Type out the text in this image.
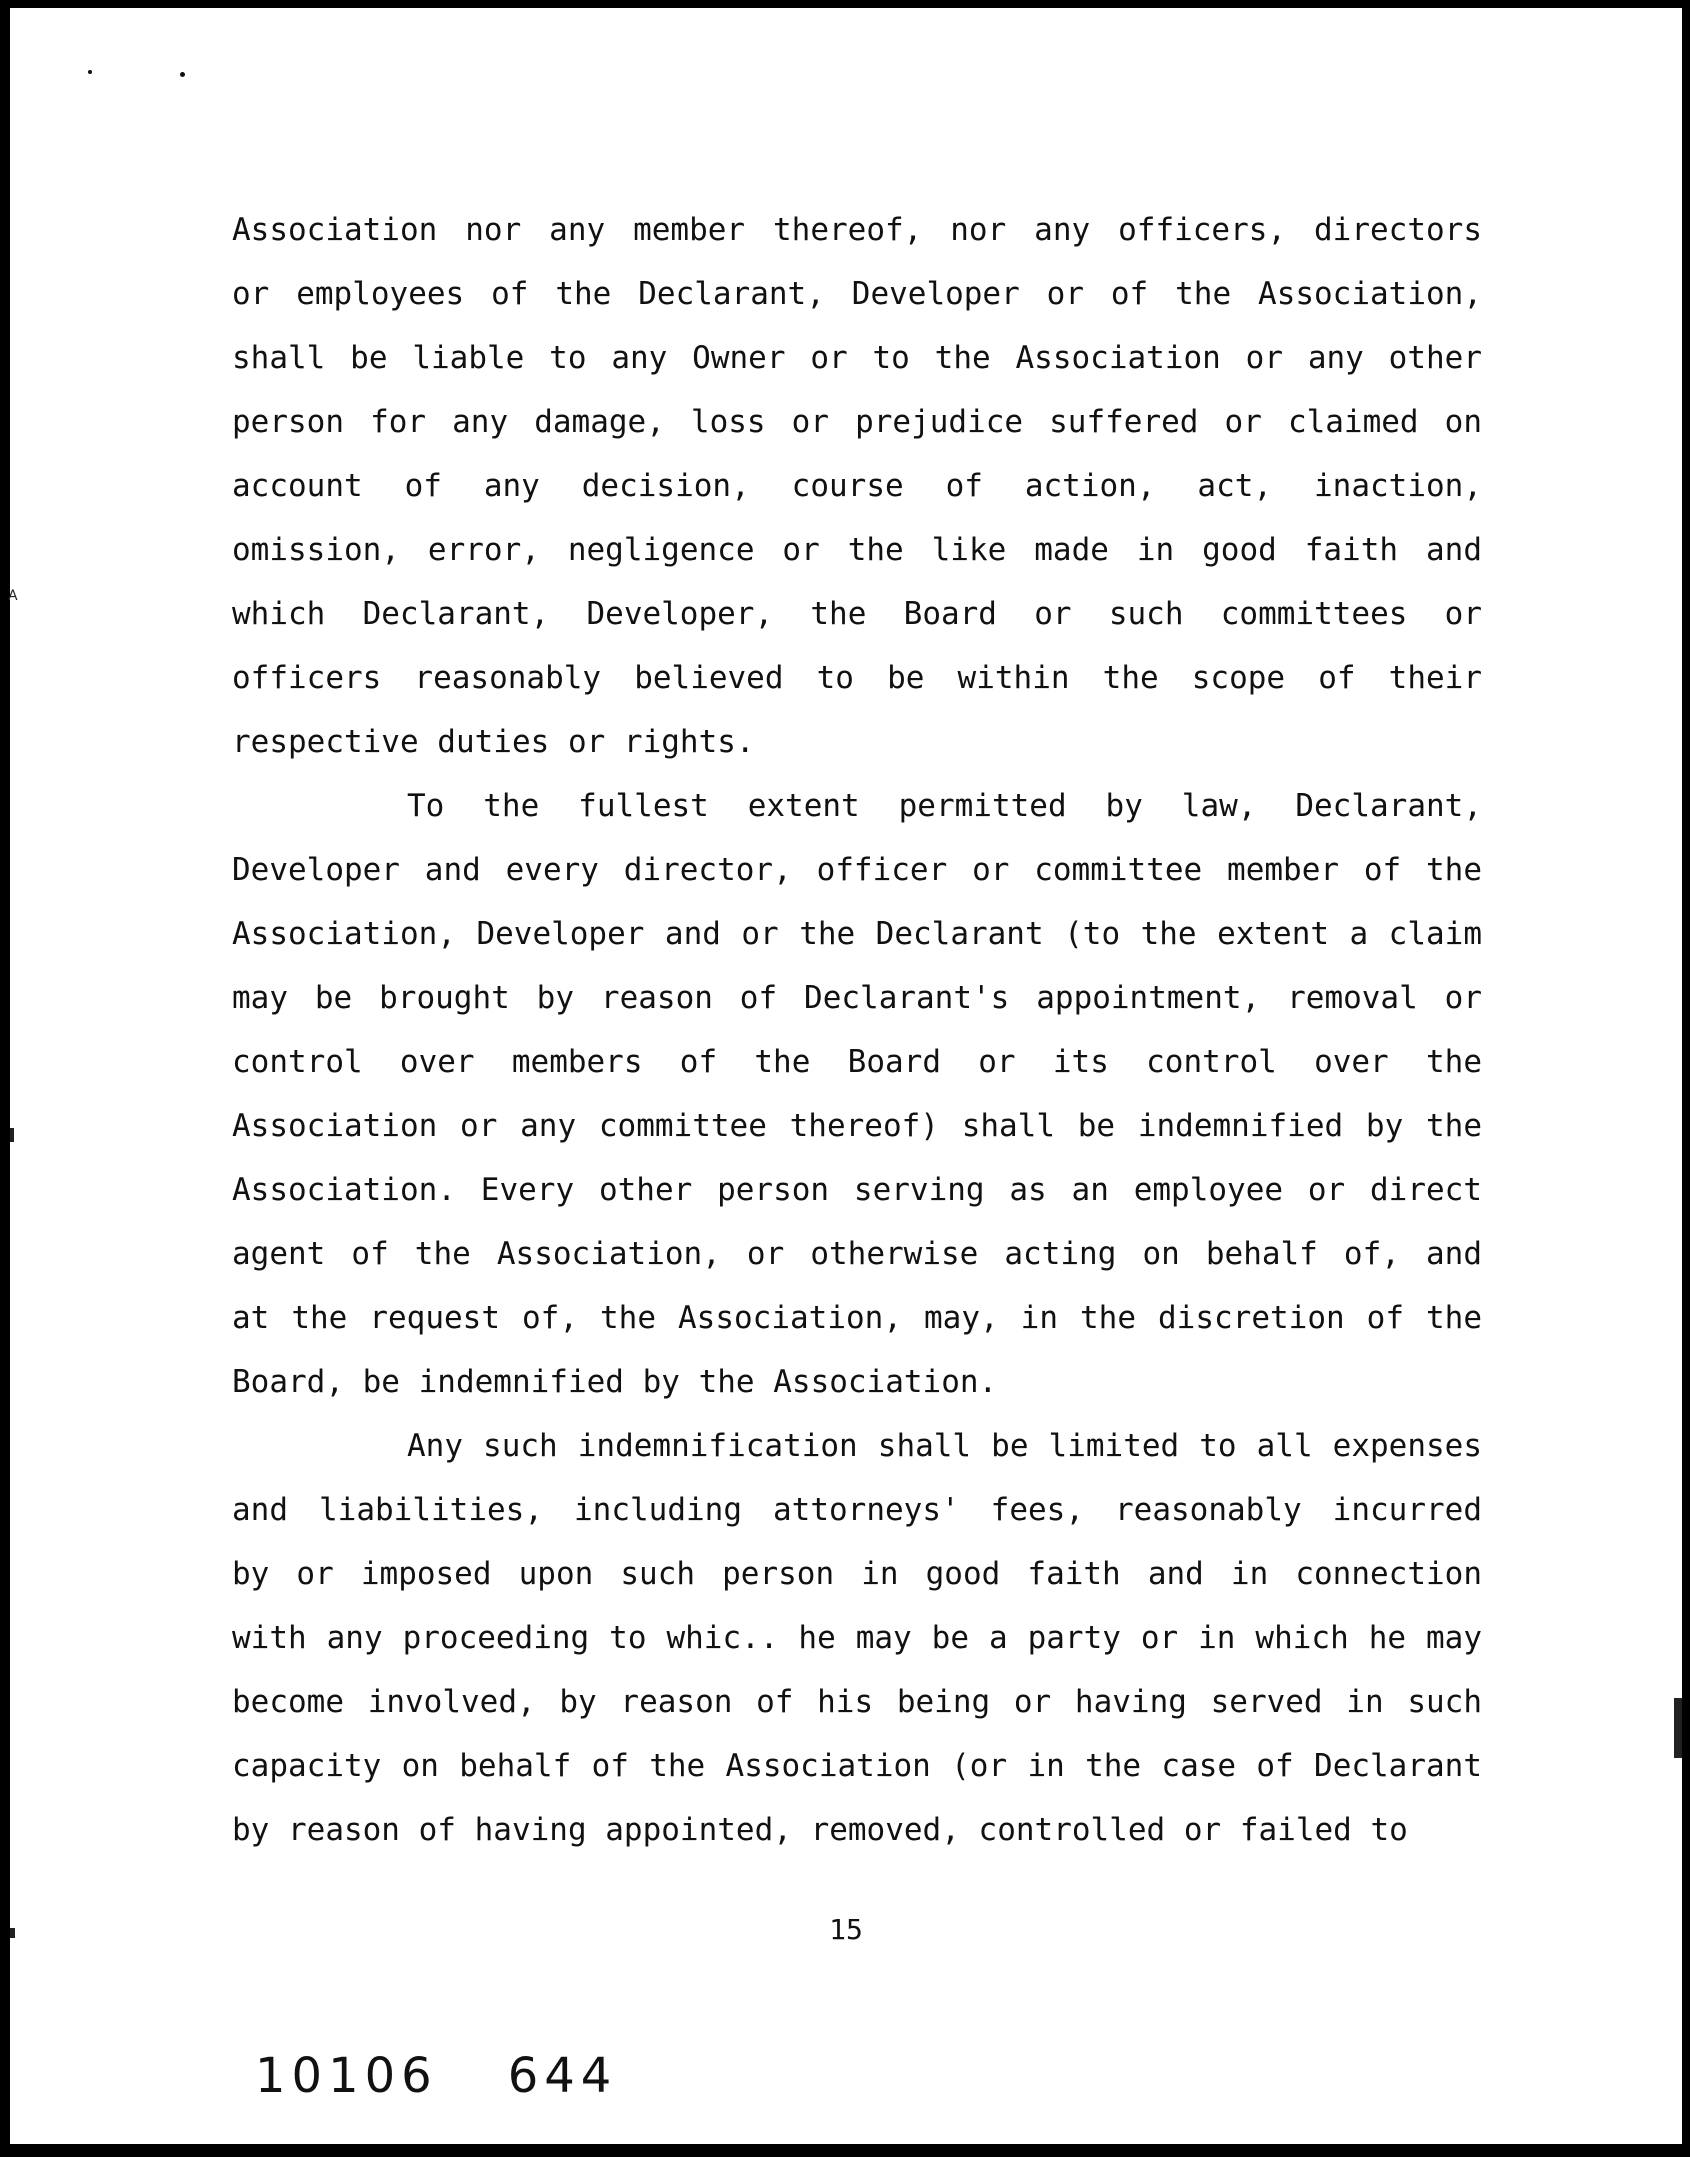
A
Association nor any member thereof, nor any officers, directors
or employees of the Declarant, Developer or of the Association,
shall be liable to any Owner or to the Association or any other
person for any damage, loss or prejudice suffered or claimed on
account of any decision, course of action, act, inaction,
omission, error, negligence or the like made in good faith and
which Declarant, Developer, the Board or such committees or
officers reasonably believed to be within the scope of their
respective duties or rights.
To the fullest extent permitted by law, Declarant,
Developer and every director, officer or committee member of the
Association, Developer and or the Declarant (to the extent a claim
may be brought by reason of Declarant's appointment, removal or
control over members of the Board or its control over the
Association or any committee thereof) shall be indemnified by the
Association. Every other person serving as an employee or direct
agent of the Association, or otherwise acting on behalf of, and
at the request of, the Association, may, in the discretion of the
Board, be indemnified by the Association.
Any such indemnification shall be limited to all expenses
and liabilities, including attorneys' fees, reasonably incurred
by or imposed upon such person in good faith and in connection
with any proceeding to whic.. he may be a party or in which he may
become involved, by reason of his being or having served in such
capacity on behalf of the Association (or in the case of Declarant
by reason of having appointed, removed, controlled or failed to
15
10106 644
